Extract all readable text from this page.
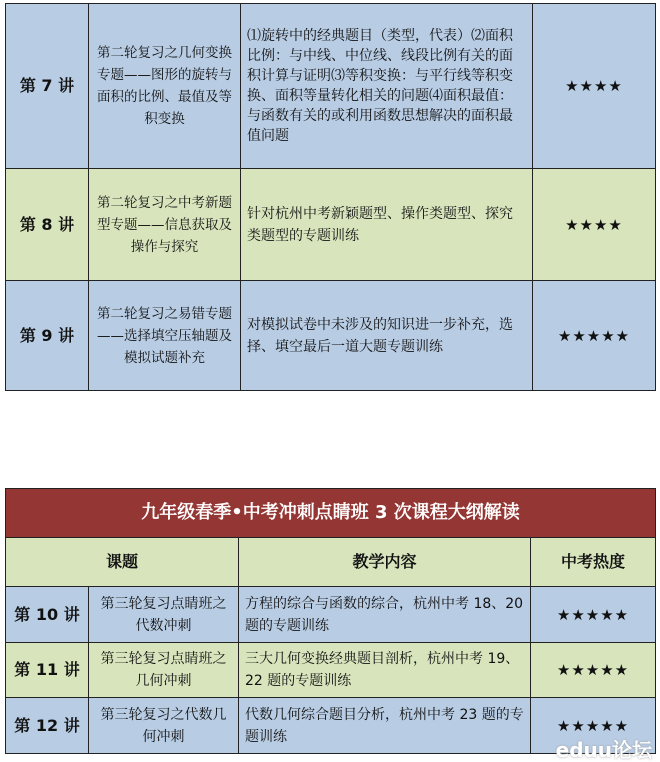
第 7 讲	第二轮复习之几何变换专题——图形的旋转与面积的比例、最值及等积变换	⑴旋转中的经典题目（类型，代表）⑵面积比例：与中线、中位线、线段比例有关的面积计算与证明⑶等积变换：与平行线等积变换、面积等量转化相关的问题⑷面积最值：与函数有关的或利用函数思想解决的面积最值问题	★★★★
第 8 讲	第二轮复习之中考新题型专题——信息获取及操作与探究	针对杭州中考新颖题型、操作类题型、探究类题型的专题训练	★★★★
第 9 讲	第二轮复习之易错专题——选择填空压轴题及模拟试题补充	对模拟试卷中未涉及的知识进一步补充，选择、填空最后一道大题专题训练	★★★★★
九年级春季•中考冲刺点睛班 3 次课程大纲解读			
课题		教学内容	中考热度
第 10 讲	第三轮复习点睛班之代数冲刺	方程的综合与函数的综合，杭州中考 18、20 题的专题训练	★★★★★
第 11 讲	第三轮复习点睛班之几何冲刺	三大几何变换经典题目剖析，杭州中考 19、22 题的专题训练	★★★★★
第 12 讲	第三轮复习之代数几何冲刺	代数几何综合题目分析，杭州中考 23 题的专题训练	★★★★★
eduu论坛
